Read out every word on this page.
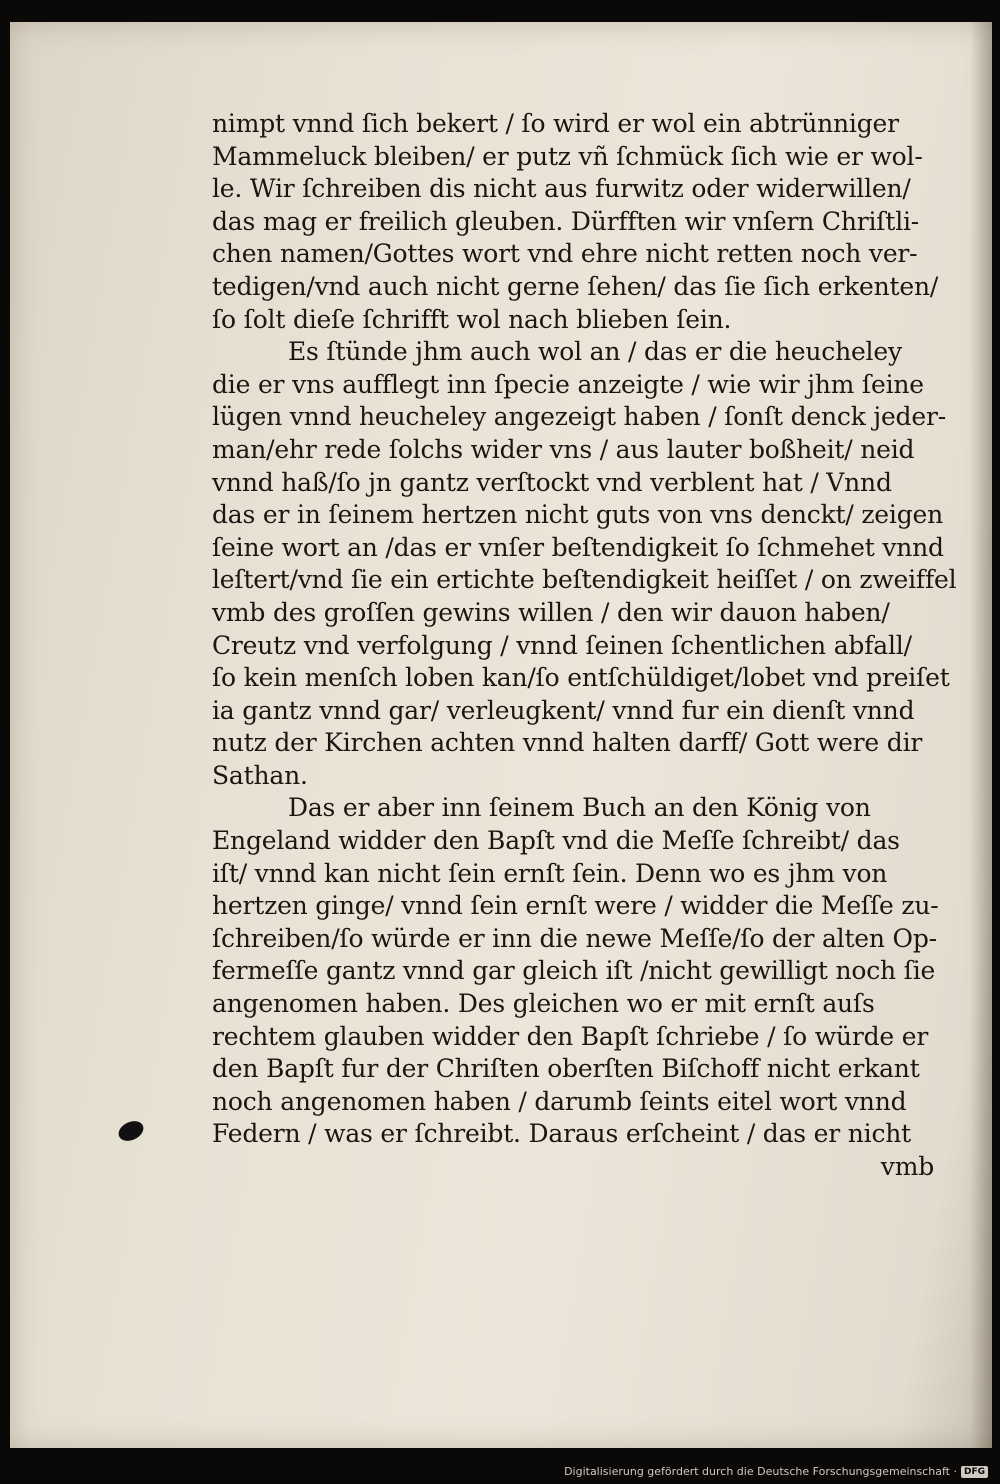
nimpt vnnd ſich bekert / ſo wird er wol ein abtrünniger
Mammeluck bleiben/ er putz vñ ſchmück ſich wie er wol-
le. Wir ſchreiben dis nicht aus furwitz oder widerwillen/
das mag er freilich gleuben. Dürfften wir vnſern Chriſtli-
chen namen/Gottes wort vnd ehre nicht retten noch ver-
tedigen/vnd auch nicht gerne ſehen/ das ſie ſich erkenten/
ſo ſolt dieſe ſchrifft wol nach blieben ſein.
Es ſtünde jhm auch wol an / das er die heucheley
die er vns aufflegt inn ſpecie anzeigte / wie wir jhm ſeine
lügen vnnd heucheley angezeigt haben / ſonſt denck jeder-
man/ehr rede ſolchs wider vns / aus lauter boßheit/ neid
vnnd haß/ſo jn gantz verſtockt vnd verblent hat / Vnnd
das er in ſeinem hertzen nicht guts von vns denckt/ zeigen
ſeine wort an /das er vnſer beſtendigkeit ſo ſchmehet vnnd
leſtert/vnd ſie ein ertichte beſtendigkeit heiſſet / on zweiffel
vmb des groſſen gewins willen / den wir dauon haben/
Creutz vnd verfolgung / vnnd ſeinen ſchentlichen abfall/
ſo kein menſch loben kan/ſo entſchüldiget/lobet vnd preiſet
ia gantz vnnd gar/ verleugkent/ vnnd fur ein dienſt vnnd
nutz der Kirchen achten vnnd halten darff/ Gott were dir
Sathan.
Das er aber inn ſeinem Buch an den König von
Engeland widder den Bapſt vnd die Meſſe ſchreibt/ das
iſt/ vnnd kan nicht ſein ernſt ſein. Denn wo es jhm von
hertzen ginge/ vnnd ſein ernſt were / widder die Meſſe zu-
ſchreiben/ſo würde er inn die newe Meſſe/ſo der alten Op-
fermeſſe gantz vnnd gar gleich iſt /nicht gewilligt noch ſie
angenomen haben. Des gleichen wo er mit ernſt auſs
rechtem glauben widder den Bapſt ſchriebe / ſo würde er
den Bapſt fur der Chriſten oberſten Biſchoff nicht erkant
noch angenomen haben / darumb ſeints eitel wort vnnd
Federn / was er ſchreibt. Daraus erſcheint / das er nicht
vmb
Digitalisierung gefördert durch die Deutsche Forschungsgemeinschaft · DFG
